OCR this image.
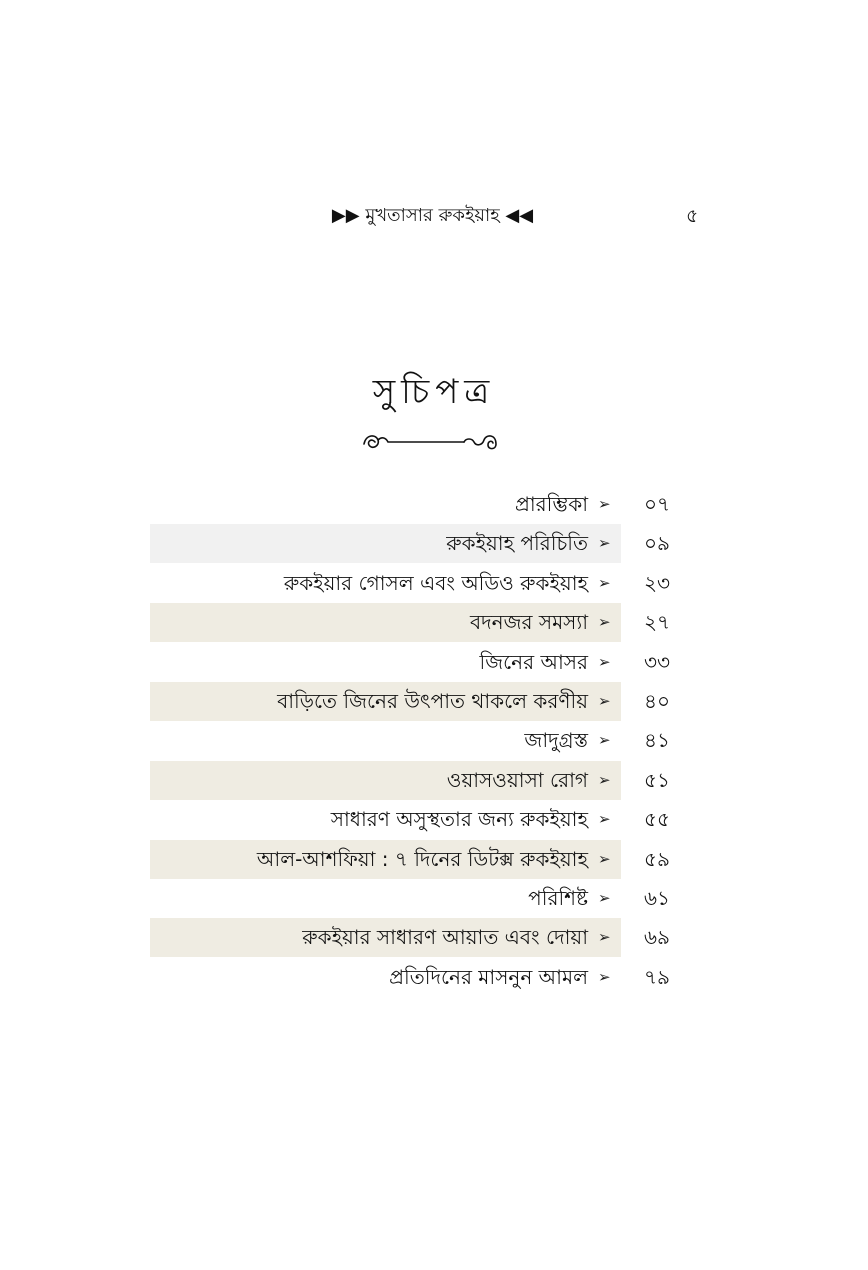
▶▶ মুখতাসার রুকইয়াহ ◀◀	৫
সুচিপত্র
প্রারম্ভিকা ➢ ০৭
রুকইয়াহ পরিচিতি ➢ ০৯
রুকইয়ার গোসল এবং অডিও রুকইয়াহ ➢ ২৩
বদনজর সমস্যা ➢ ২৭
জিনের আসর ➢ ৩৩
বাড়িতে জিনের উৎপাত থাকলে করণীয় ➢ ৪০
জাদুগ্রস্ত ➢ ৪১
ওয়াসওয়াসা রোগ ➢ ৫১
সাধারণ অসুস্থতার জন্য রুকইয়াহ ➢ ৫৫
আল-আশফিয়া : ৭ দিনের ডিটক্স রুকইয়াহ ➢ ৫৯
পরিশিষ্ট ➢ ৬১
রুকইয়ার সাধারণ আয়াত এবং দোয়া ➢ ৬৯
প্রতিদিনের মাসনুন আমল ➢ ৭৯
